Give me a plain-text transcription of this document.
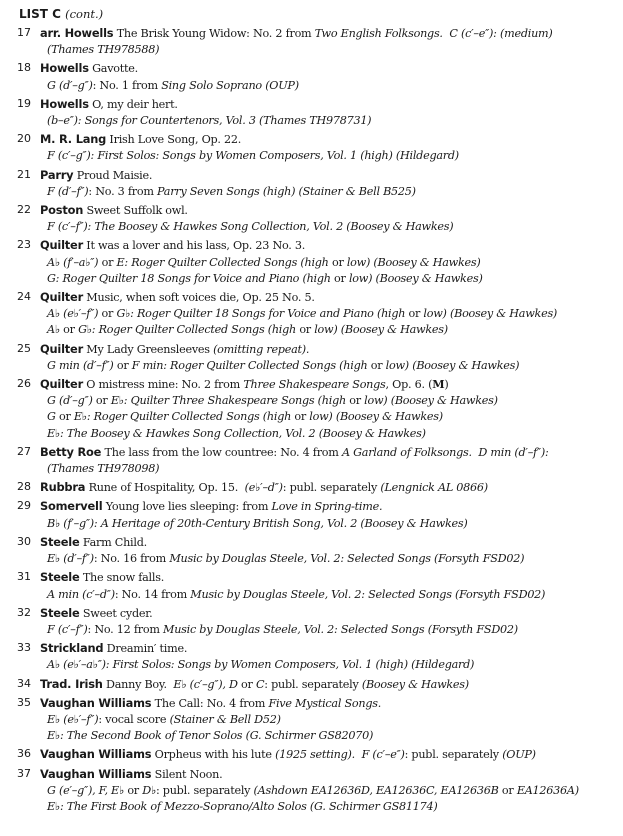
LIST C (cont.)
17 arr. Howells The Brisk Young Widow: No. 2 from Two English Folksongs. C (c′–e″): (medium)
(Thames TH978588)
18 Howells Gavotte.
G (d′–g″): No. 1 from Sing Solo Soprano (OUP)
19 Howells O, my deir hert.
(b–e″): Songs for Countertenors, Vol. 3 (Thames TH978731)
20 M. R. Lang Irish Love Song, Op. 22.
F (c′–g″): First Solos: Songs by Women Composers, Vol. 1 (high) (Hildegard)
21 Parry Proud Maisie.
F (d′–f″): No. 3 from Parry Seven Songs (high) (Stainer & Bell B525)
22 Poston Sweet Suffolk owl.
F (c′–f″): The Boosey & Hawkes Song Collection, Vol. 2 (Boosey & Hawkes)
23 Quilter It was a lover and his lass, Op. 23 No. 3.
A♭ (f′–a♭″) or E: Roger Quilter Collected Songs (high or low) (Boosey & Hawkes)
G: Roger Quilter 18 Songs for Voice and Piano (high or low) (Boosey & Hawkes)
24 Quilter Music, when soft voices die, Op. 25 No. 5.
A♭ (e♭′–f″) or G♭: Roger Quilter 18 Songs for Voice and Piano (high or low) (Boosey & Hawkes)
A♭ or G♭: Roger Quilter Collected Songs (high or low) (Boosey & Hawkes)
25 Quilter My Lady Greensleeves (omitting repeat).
G min (d′–f″) or F min: Roger Quilter Collected Songs (high or low) (Boosey & Hawkes)
26 Quilter O mistress mine: No. 2 from Three Shakespeare Songs, Op. 6. (M)
G (d′–g″) or E♭: Quilter Three Shakespeare Songs (high or low) (Boosey & Hawkes)
G or E♭: Roger Quilter Collected Songs (high or low) (Boosey & Hawkes)
E♭: The Boosey & Hawkes Song Collection, Vol. 2 (Boosey & Hawkes)
27 Betty Roe The lass from the low countree: No. 4 from A Garland of Folksongs. D min (d′–f″):
(Thames TH978098)
28 Rubbra Rune of Hospitality, Op. 15.  (e♭′–d″): publ. separately (Lengnick AL 0866)
29 Somervell Young love lies sleeping: from Love in Spring-time.
B♭ (f′–g″): A Heritage of 20th-Century British Song, Vol. 2 (Boosey & Hawkes)
30 Steele Farm Child.
E♭ (d′–f″): No. 16 from Music by Douglas Steele, Vol. 2: Selected Songs (Forsyth FSD02)
31 Steele The snow falls.
A min (c′–d″): No. 14 from Music by Douglas Steele, Vol. 2: Selected Songs (Forsyth FSD02)
32 Steele Sweet cyder.
F (c′–f″): No. 12 from Music by Douglas Steele, Vol. 2: Selected Songs (Forsyth FSD02)
33 Strickland Dreamin′ time.
A♭ (e♭′–a♭″): First Solos: Songs by Women Composers, Vol. 1 (high) (Hildegard)
34 Trad. Irish Danny Boy.  E♭ (c′–g″), D or C: publ. separately (Boosey & Hawkes)
35 Vaughan Williams The Call: No. 4 from Five Mystical Songs.
E♭ (e♭′–f″): vocal score (Stainer & Bell D52)
E♭: The Second Book of Tenor Solos (G. Schirmer GS82070)
36 Vaughan Williams Orpheus with his lute (1925 setting). F (c′–e″): publ. separately (OUP)
37 Vaughan Williams Silent Noon.
G (e′–g″), F, E♭ or D♭: publ. separately (Ashdown EA12636D, EA12636C, EA12636B or EA12636A)
E♭: The First Book of Mezzo-Soprano/Alto Solos (G. Schirmer GS81174)
